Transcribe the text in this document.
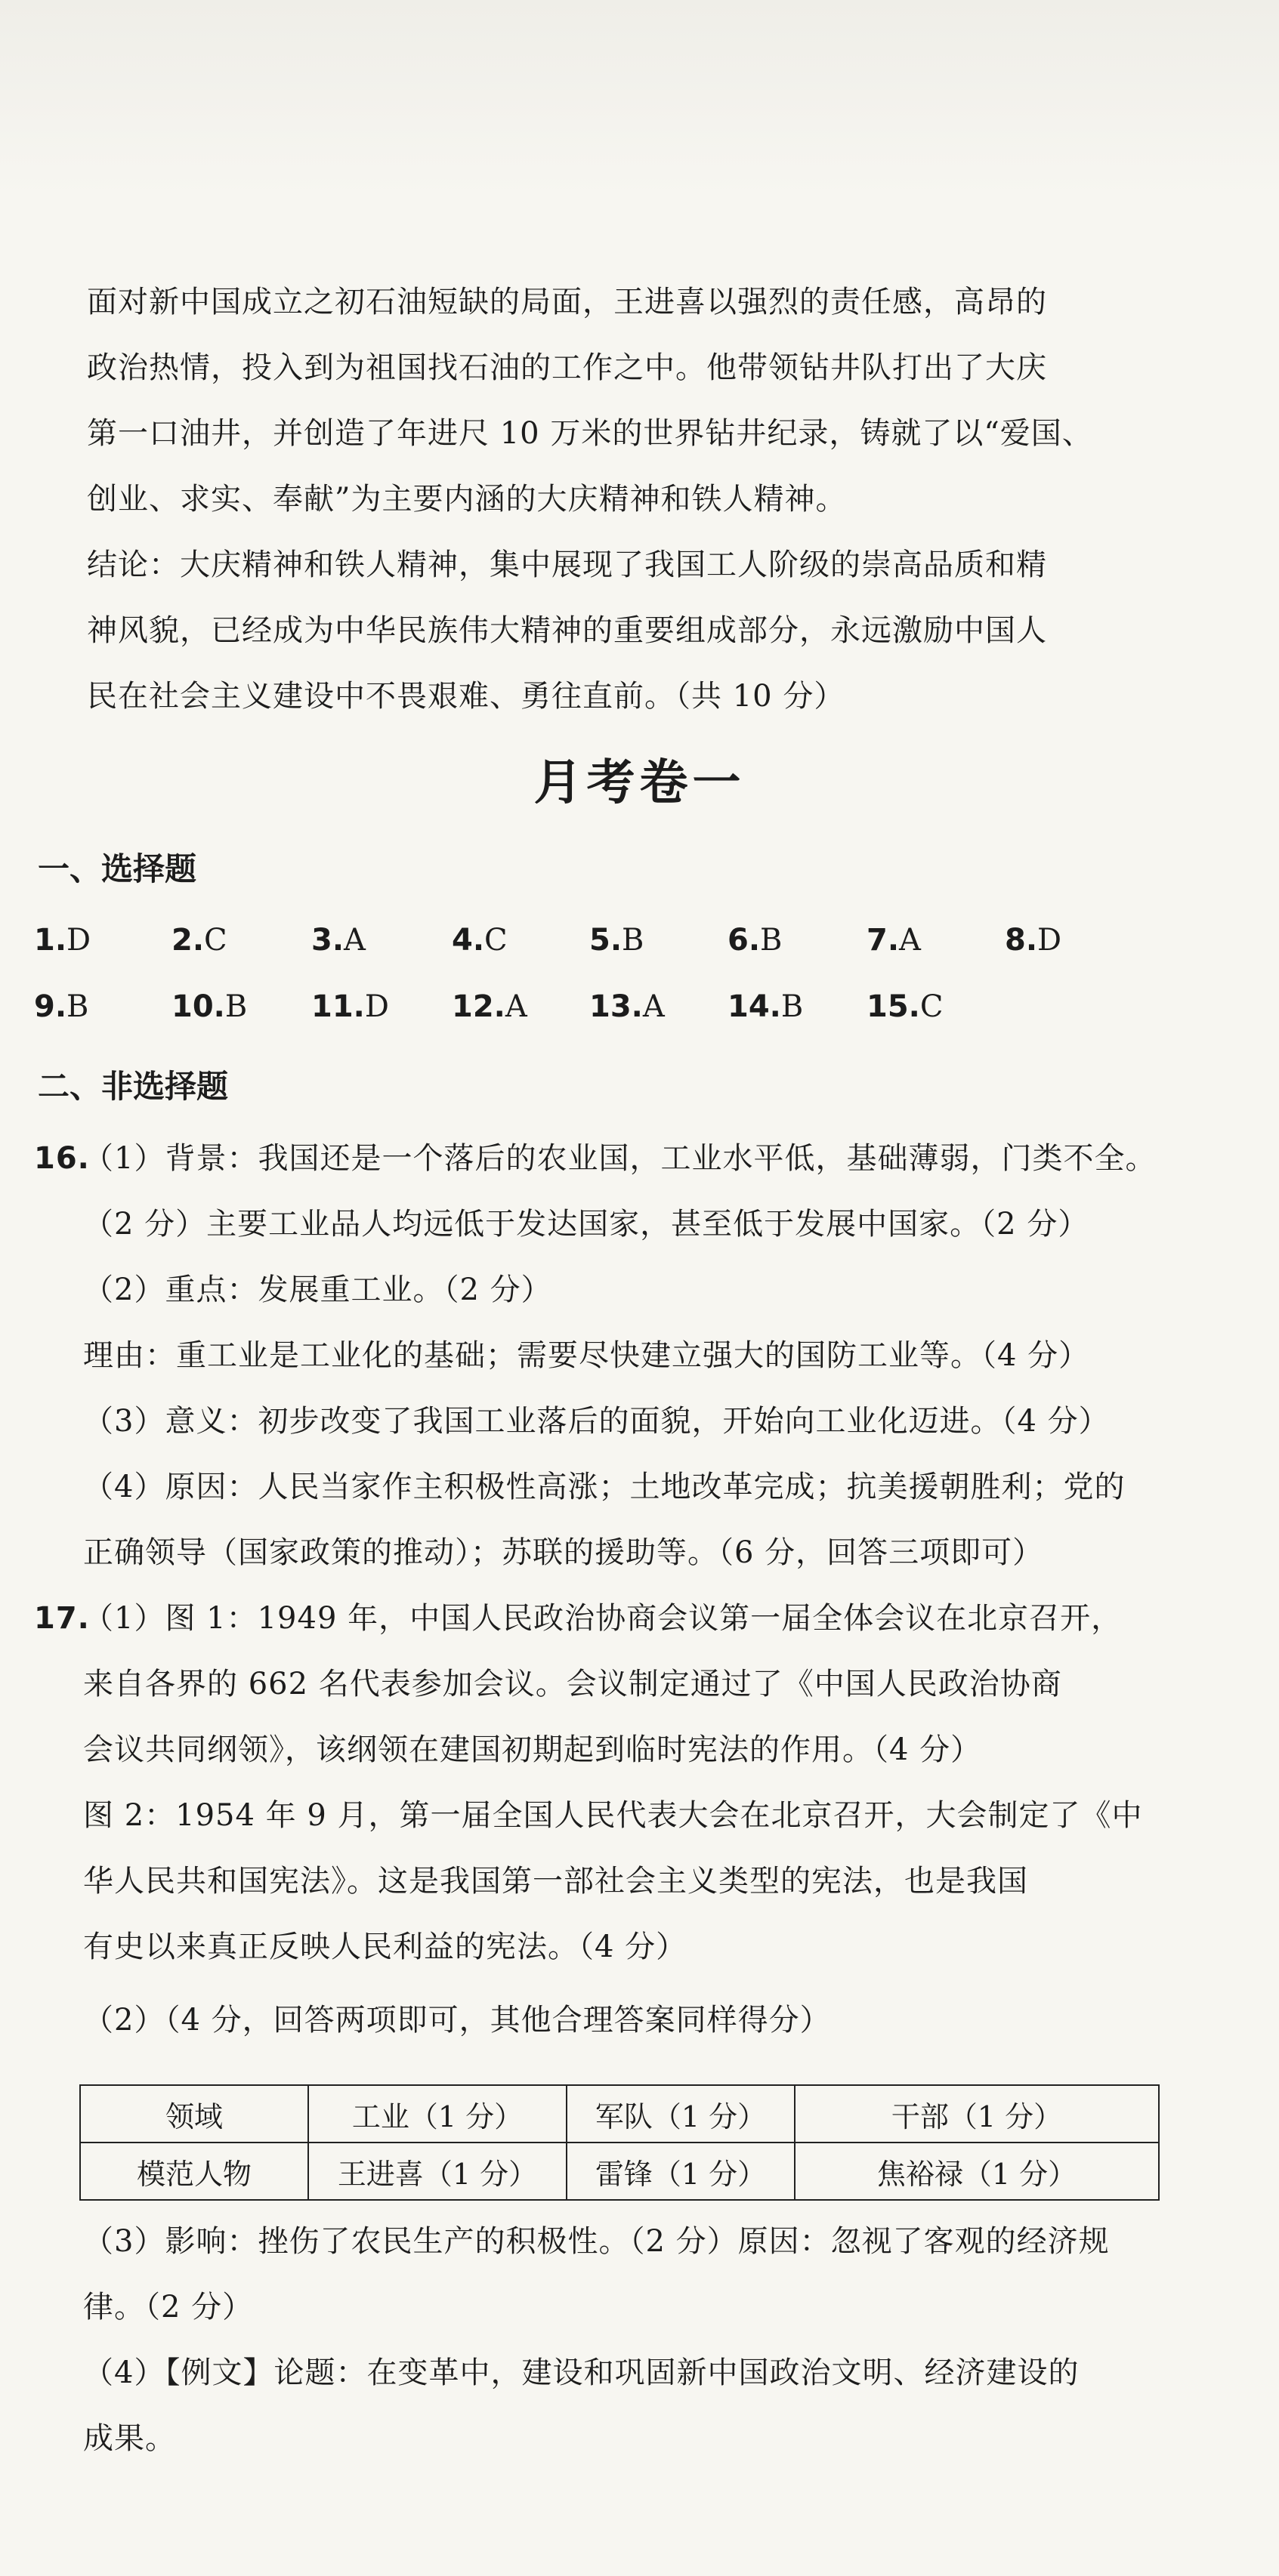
面对新中国成立之初石油短缺的局面，王进喜以强烈的责任感，高昂的
政治热情，投入到为祖国找石油的工作之中。他带领钻井队打出了大庆
第一口油井，并创造了年进尺 10 万米的世界钻井纪录，铸就了以“爱国、
创业、求实、奉献”为主要内涵的大庆精神和铁人精神。
结论：大庆精神和铁人精神，集中展现了我国工人阶级的崇高品质和精
神风貌，已经成为中华民族伟大精神的重要组成部分，永远激励中国人
民在社会主义建设中不畏艰难、勇往直前。（共 10 分）
月考卷一
一、选择题
1.D	2.C	3.A	4.C	5.B	6.B	7.A	8.D
9.B	10.B 11.D 12.A 13.A 14.B 15.C
二、非选择题
16.
（1）背景：我国还是一个落后的农业国，工业水平低，基础薄弱，门类不全。
（2 分）主要工业品人均远低于发达国家，甚至低于发展中国家。（2 分）
（2）重点：发展重工业。（2 分）
理由：重工业是工业化的基础；需要尽快建立强大的国防工业等。（4 分）
（3）意义：初步改变了我国工业落后的面貌，开始向工业化迈进。（4 分）
（4）原因：人民当家作主积极性高涨；土地改革完成；抗美援朝胜利；党的
正确领导（国家政策的推动）；苏联的援助等。（6 分，回答三项即可）
17.
（1）图 1：1949 年，中国人民政治协商会议第一届全体会议在北京召开，
来自各界的 662 名代表参加会议。会议制定通过了《中国人民政治协商
会议共同纲领》，该纲领在建国初期起到临时宪法的作用。（4 分）
图 2：1954 年 9 月，第一届全国人民代表大会在北京召开，大会制定了《中
华人民共和国宪法》。这是我国第一部社会主义类型的宪法，也是我国
有史以来真正反映人民利益的宪法。（4 分）
（2）（4 分，回答两项即可，其他合理答案同样得分）
领域	工业（1 分）	军队（1 分）	干部（1 分）
模范人物	王进喜（1 分）	雷锋（1 分）	焦裕禄（1 分）
（3）影响：挫伤了农民生产的积极性。（2 分）原因：忽视了客观的经济规
律。（2 分）
（4）【例文】论题：在变革中，建设和巩固新中国政治文明、经济建设的
成果。
